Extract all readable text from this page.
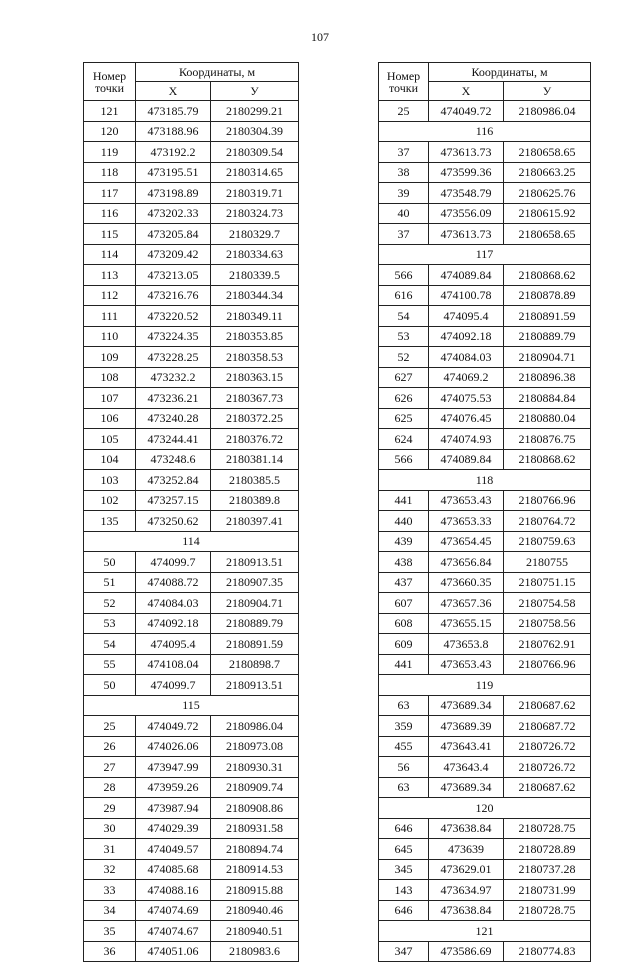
107
Номер
точки	Координаты, м	
	X	У
121	473185.79	2180299.21
120	473188.96	2180304.39
119	473192.2	2180309.54
118	473195.51	2180314.65
117	473198.89	2180319.71
116	473202.33	2180324.73
115	473205.84	2180329.7
114	473209.42	2180334.63
113	473213.05	2180339.5
112	473216.76	2180344.34
111	473220.52	2180349.11
110	473224.35	2180353.85
109	473228.25	2180358.53
108	473232.2	2180363.15
107	473236.21	2180367.73
106	473240.28	2180372.25
105	473244.41	2180376.72
104	473248.6	2180381.14
103	473252.84	2180385.5
102	473257.15	2180389.8
135	473250.62	2180397.41
114		
50	474099.7	2180913.51
51	474088.72	2180907.35
52	474084.03	2180904.71
53	474092.18	2180889.79
54	474095.4	2180891.59
55	474108.04	2180898.7
50	474099.7	2180913.51
115		
25	474049.72	2180986.04
26	474026.06	2180973.08
27	473947.99	2180930.31
28	473959.26	2180909.74
29	473987.94	2180908.86
30	474029.39	2180931.58
31	474049.57	2180894.74
32	474085.68	2180914.53
33	474088.16	2180915.88
34	474074.69	2180940.46
35	474074.67	2180940.51
36	474051.06	2180983.6
Номер
точки	Координаты, м	
	X	У
25	474049.72	2180986.04
116		
37	473613.73	2180658.65
38	473599.36	2180663.25
39	473548.79	2180625.76
40	473556.09	2180615.92
37	473613.73	2180658.65
117		
566	474089.84	2180868.62
616	474100.78	2180878.89
54	474095.4	2180891.59
53	474092.18	2180889.79
52	474084.03	2180904.71
627	474069.2	2180896.38
626	474075.53	2180884.84
625	474076.45	2180880.04
624	474074.93	2180876.75
566	474089.84	2180868.62
118		
441	473653.43	2180766.96
440	473653.33	2180764.72
439	473654.45	2180759.63
438	473656.84	2180755
437	473660.35	2180751.15
607	473657.36	2180754.58
608	473655.15	2180758.56
609	473653.8	2180762.91
441	473653.43	2180766.96
119		
63	473689.34	2180687.62
359	473689.39	2180687.72
455	473643.41	2180726.72
56	473643.4	2180726.72
63	473689.34	2180687.62
120		
646	473638.84	2180728.75
645	473639	2180728.89
345	473629.01	2180737.28
143	473634.97	2180731.99
646	473638.84	2180728.75
121		
347	473586.69	2180774.83
